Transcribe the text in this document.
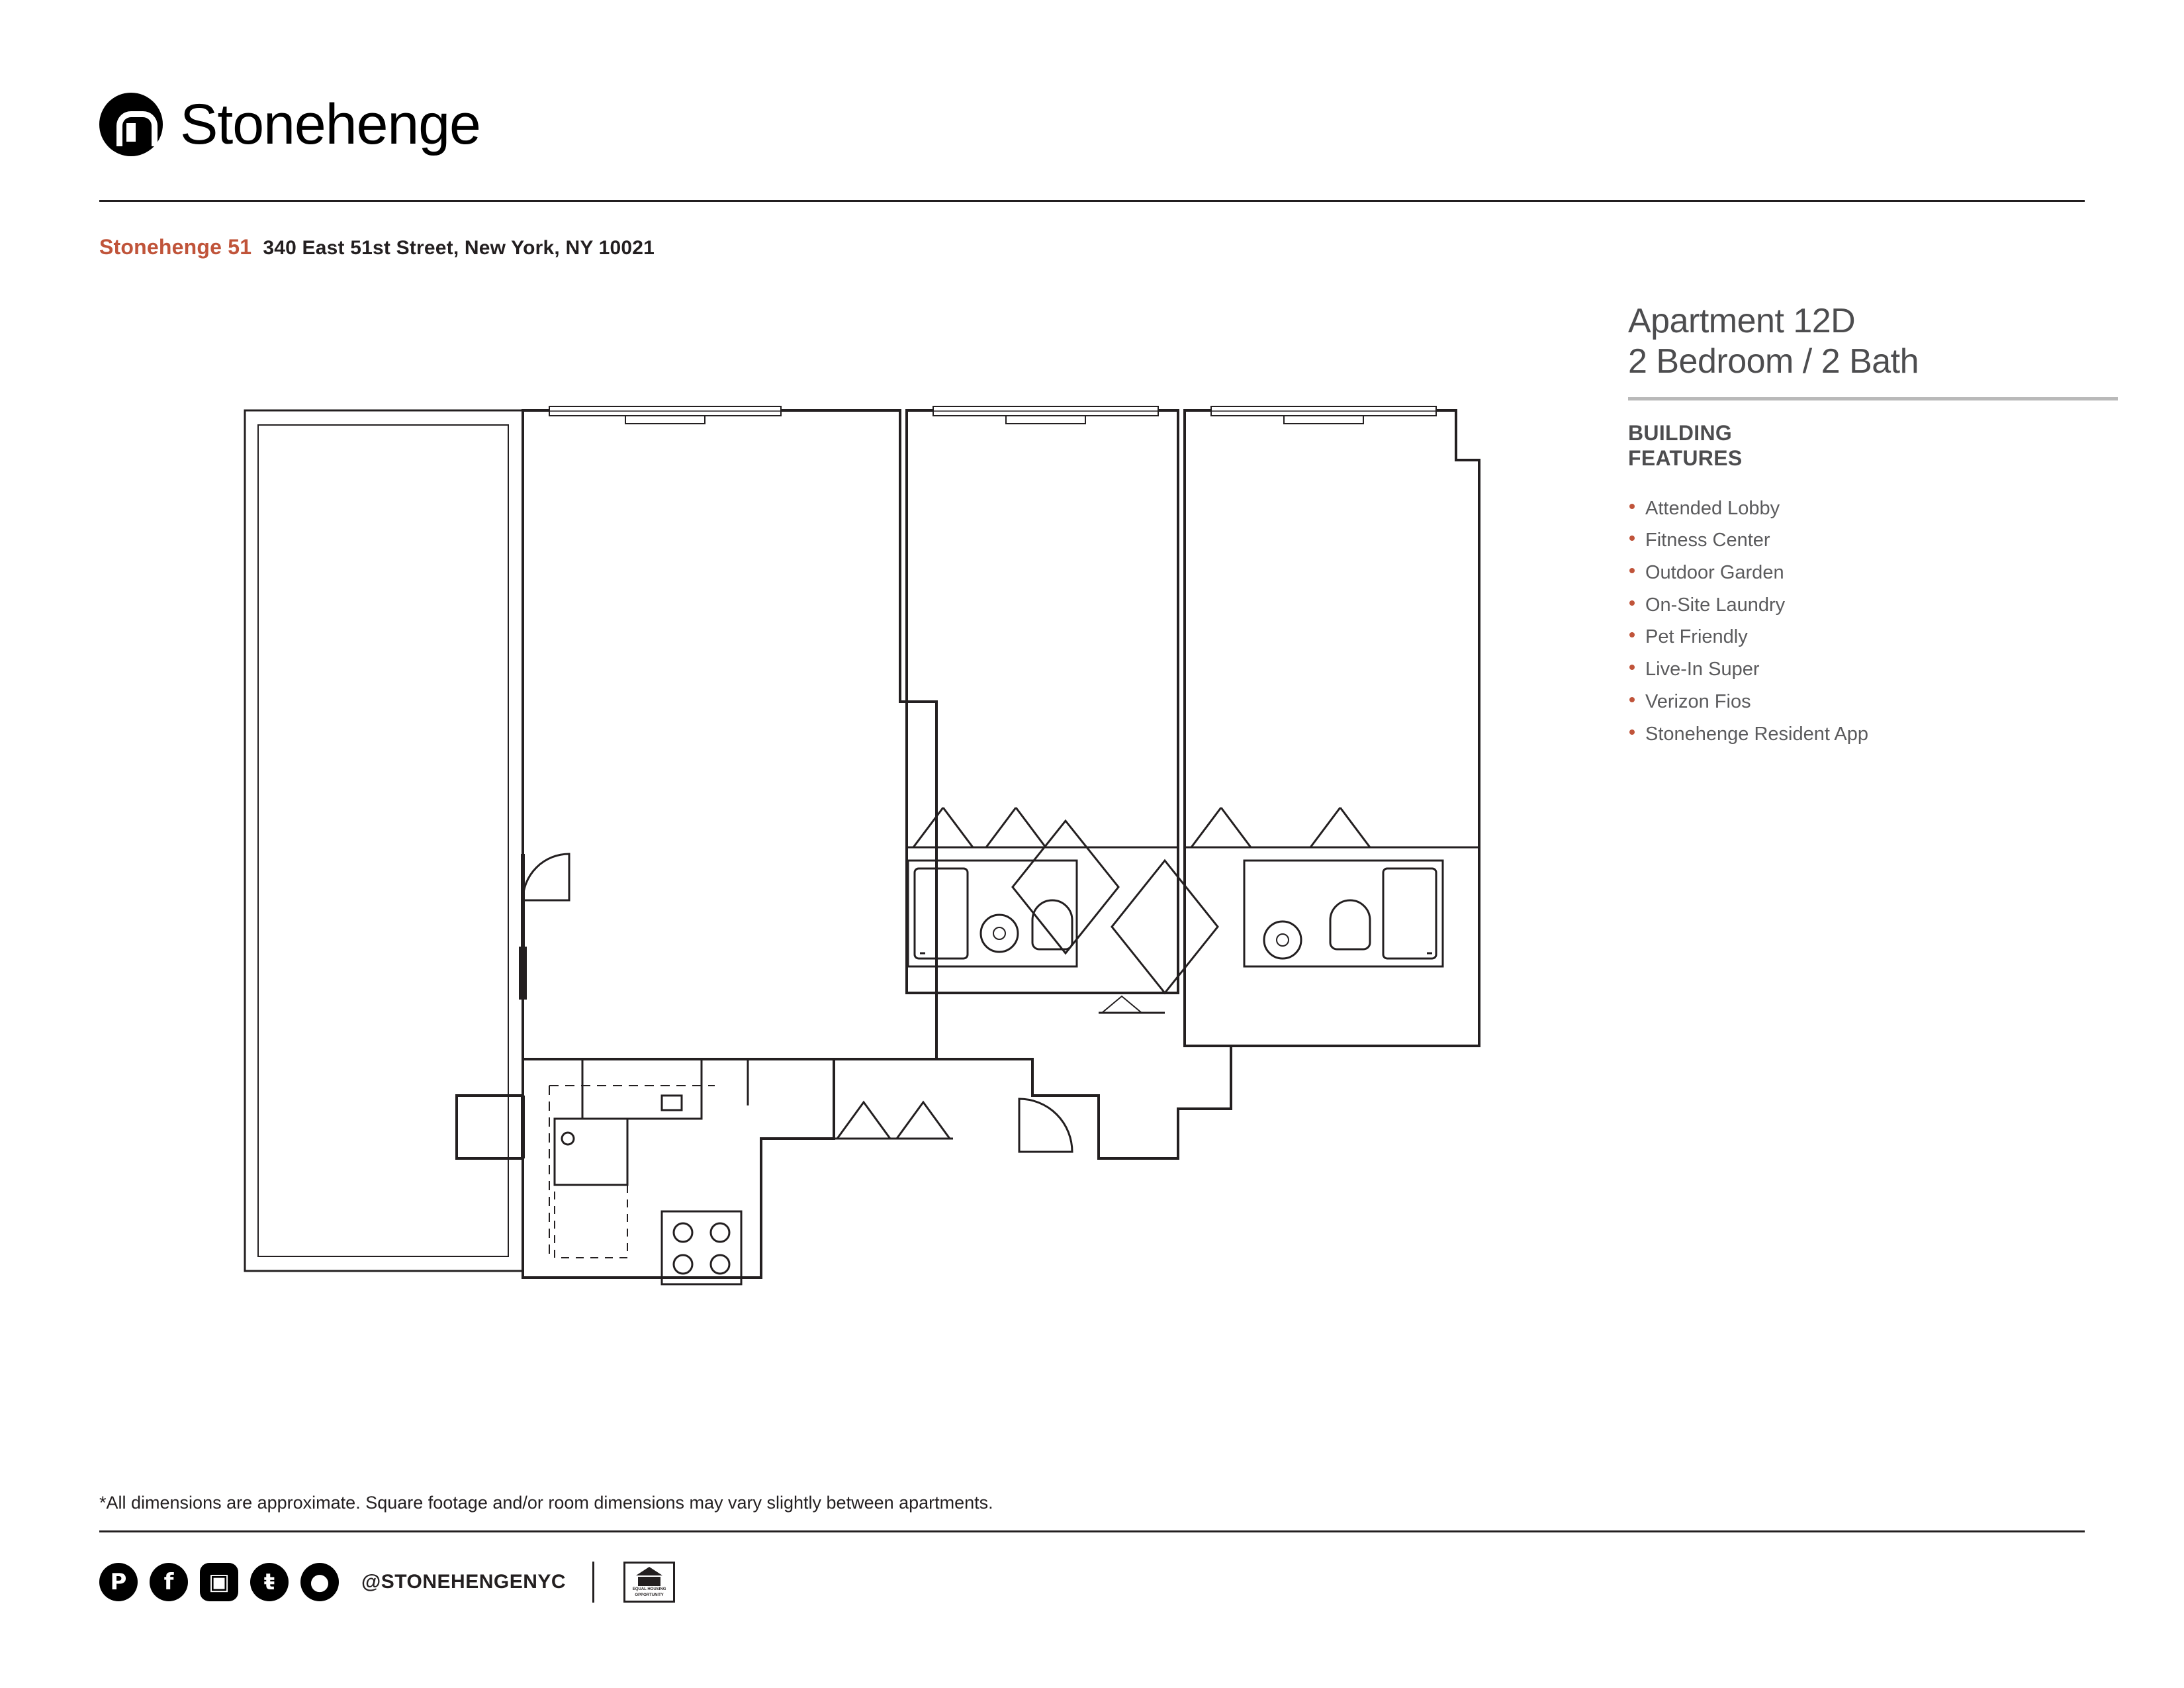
Stonehenge
Stonehenge 51 340 East 51st Street, New York, NY 10021
Apartment 12D
2 Bedroom / 2 Bath
BUILDING
FEATURES
Attended Lobby
Fitness Center
Outdoor Garden
On-Site Laundry
Pet Friendly
Live-In Super
Verizon Fios
Stonehenge Resident App
*All dimensions are approximate. Square footage and/or room dimensions may vary slightly between apartments.
P	f	▣	ŧ	●	@STONEHENGENYC	EQUAL HOUSING
OPPORTUNITY
